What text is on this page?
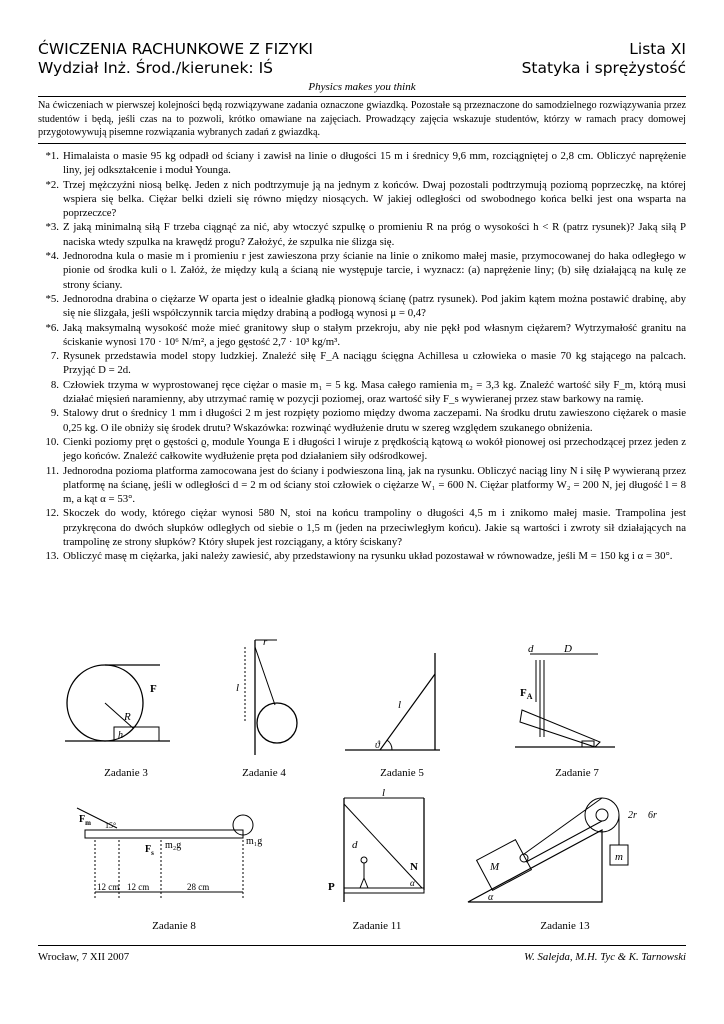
ĆWICZENIA RACHUNKOWE Z FIZYKI
Wydział Inż. Środ./kierunek: IŚ
Lista XI
Statyka i sprężystość
Physics makes you think
Na ćwiczeniach w pierwszej kolejności będą rozwiązywane zadania oznaczone gwiazdką. Pozostałe są przeznaczone do samodzielnego rozwiązywania przez studentów i będą, jeśli czas na to pozwoli, krótko omawiane na zajęciach. Prowadzący zajęcia wskazuje studentów, którzy w ramach pracy domowej przygotowywują pisemne rozwiązania wybranych zadań z gwiazdką.
*1. Himalaista o masie 95 kg odpadł od ściany i zawisł na linie o długości 15 m i średnicy 9,6 mm, rozciągniętej o 2,8 cm. Obliczyć naprężenie liny, jej odkształcenie i moduł Younga.
*2. Trzej mężczyźni niosą belkę. Jeden z nich podtrzymuje ją na jednym z końców. Dwaj pozostali podtrzymują poziomą poprzeczkę, na której wspiera się belka. Ciężar belki dzieli się równo między niosących. W jakiej odległości od swobodnego końca belki jest ona wsparta na poprzeczce?
*3. Z jaką minimalną siłą F trzeba ciągnąć za nić, aby wtoczyć szpulkę o promieniu R na próg o wysokości h < R (patrz rysunek)? Jaką siłą P naciska wtedy szpulka na krawędź progu? Założyć, że szpulka nie ślizga się.
*4. Jednorodna kula o masie m i promieniu r jest zawieszona przy ścianie na linie o znikomo małej masie, przymocowanej do haka odległego w pionie od środka kuli o l. Załóż, że między kulą a ścianą nie występuje tarcie, i wyznacz: (a) naprężenie liny; (b) siłę działającą na kulę ze strony ściany.
*5. Jednorodna drabina o ciężarze W oparta jest o idealnie gładką pionową ścianę (patrz rysunek). Pod jakim kątem można postawić drabinę, aby się nie ślizgała, jeśli współczynnik tarcia między drabiną a podłogą wynosi μ = 0,4?
*6. Jaką maksymalną wysokość może mieć granitowy słup o stałym przekroju, aby nie pękł pod własnym ciężarem? Wytrzymałość granitu na ściskanie wynosi 170 · 10⁶ N/m², a jego gęstość 2,7 · 10³ kg/m³.
7. Rysunek przedstawia model stopy ludzkiej. Znaleźć siłę F_A naciągu ścięgna Achillesa u człowieka o masie 70 kg stającego na palcach. Przyjąć D = 2d.
8. Człowiek trzyma w wyprostowanej ręce ciężar o masie m₁ = 5 kg. Masa całego ramienia m₂ = 3,3 kg. Znaleźć wartość siły F_m, którą musi działać mięsień naramienny, aby utrzymać ramię w pozycji poziomej, oraz wartość siły F_s wywieranej przez staw barkowy na ramię.
9. Stalowy drut o średnicy 1 mm i długości 2 m jest rozpięty poziomo między dwoma zaczepami. Na środku drutu zawieszono ciężarek o masie 0,25 kg. O ile obniży się środek drutu? Wskazówka: rozwinąć wydłużenie drutu w szereg względem szukanego obniżenia.
10. Cienki poziomy pręt o gęstości ϱ, module Younga E i długości l wiruje z prędkością kątową ω wokół pionowej osi przechodzącej przez jeden z jego końców. Znaleźć całkowite wydłużenie pręta pod działaniem siły odśrodkowej.
11. Jednorodna pozioma platforma zamocowana jest do ściany i podwieszona liną, jak na rysunku. Obliczyć naciąg liny N i siłę P wywieraną przez platformę na ścianę, jeśli w odległości d = 2 m od ściany stoi człowiek o ciężarze W₁ = 600 N. Ciężar platformy W₂ = 200 N, jej długość l = 8 m, a kąt α = 53°.
12. Skoczek do wody, którego ciężar wynosi 580 N, stoi na końcu trampoliny o długości 4,5 m i znikomo małej masie. Trampolina jest przykręcona do dwóch słupków odległych od siebie o 1,5 m (jeden na przeciwległym końcu). Jakie są wartości i zwroty sił działających na trampolinę ze strony słupków? Który słupek jest rozciągany, a który ściskany?
13. Obliczyć masę m ciężarka, jaki należy zawiesić, aby przedstawiony na rysunku układ pozostawał w równowadze, jeśli M = 150 kg i α = 30°.
F
R
h
Zadanie 3
r
l
Zadanie 4
l
ϑ
Zadanie 5
d	D
$F_A$
Zadanie 7
$F_m$ 15°
$F_s$
m₂g	m₁g
12 cm 12 cm	28 cm
Zadanie 8
l
d
N
P	α
Zadanie 11
2r 6r
M
m
α
Zadanie 13
Wrocław, 7 XII 2007	W. Salejda, M.H. Tyc & K. Tarnowski
